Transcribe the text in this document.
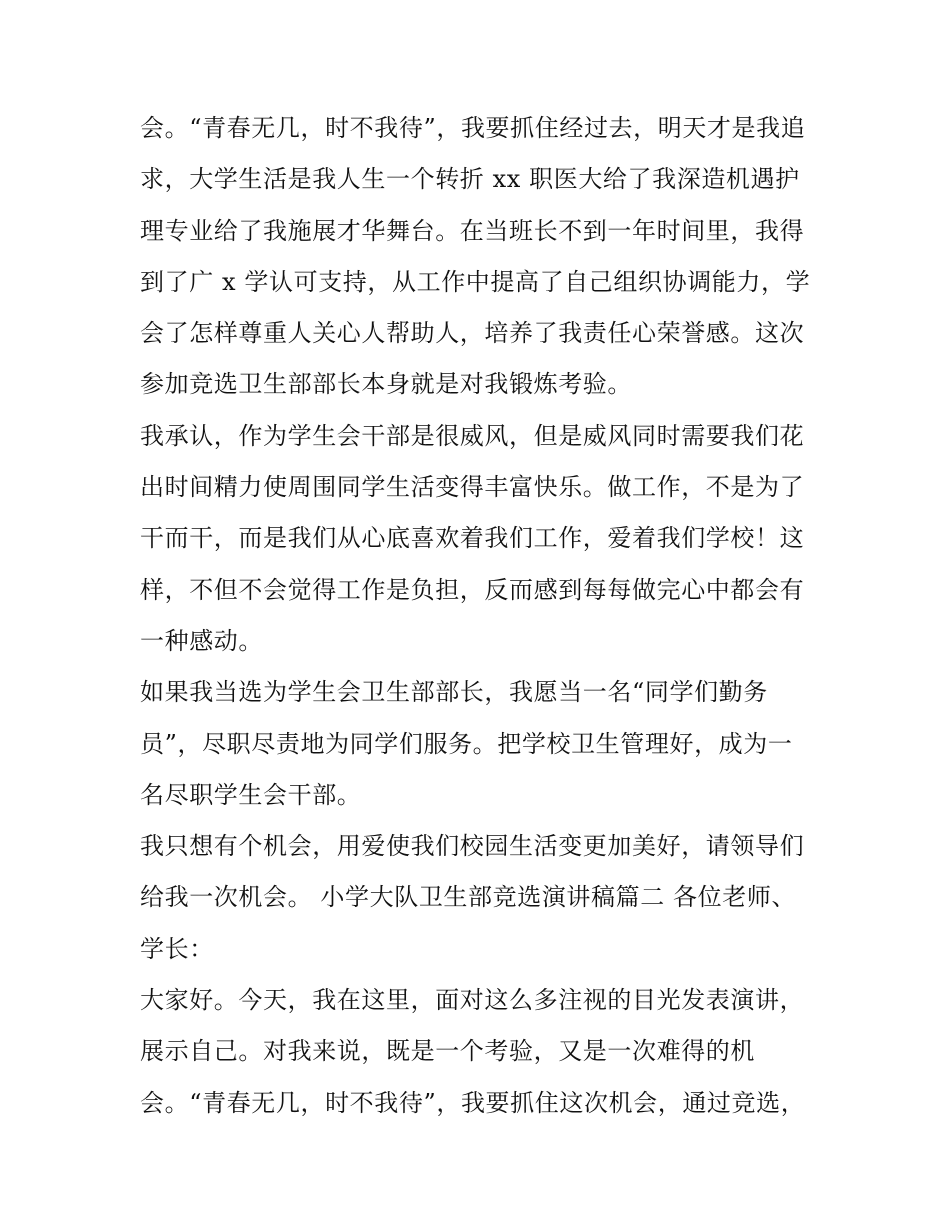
会。“青春无几，时不我待”，我要抓住经过去，明天才是我追
求，大学生活是我人生一个转折 xx 职医大给了我深造机遇护
理专业给了我施展才华舞台。在当班长不到一年时间里，我得
到了广 x 学认可支持，从工作中提高了自己组织协调能力，学
会了怎样尊重人关心人帮助人，培养了我责任心荣誉感。这次
参加竞选卫生部部长本身就是对我锻炼考验。
我承认，作为学生会干部是很威风，但是威风同时需要我们花
出时间精力使周围同学生活变得丰富快乐。做工作，不是为了
干而干，而是我们从心底喜欢着我们工作，爱着我们学校！这
样，不但不会觉得工作是负担，反而感到每每做完心中都会有
一种感动。
如果我当选为学生会卫生部部长，我愿当一名“同学们勤务
员”，尽职尽责地为同学们服务。把学校卫生管理好，成为一
名尽职学生会干部。
我只想有个机会，用爱使我们校园生活变更加美好，请领导们
给我一次机会。 小学大队卫生部竞选演讲稿篇二 各位老师、
学长：
大家好。今天，我在这里，面对这么多注视的目光发表演讲，
展示自己。对我来说，既是一个考验，又是一次难得的机
会。“青春无几，时不我待”，我要抓住这次机会，通过竞选，
